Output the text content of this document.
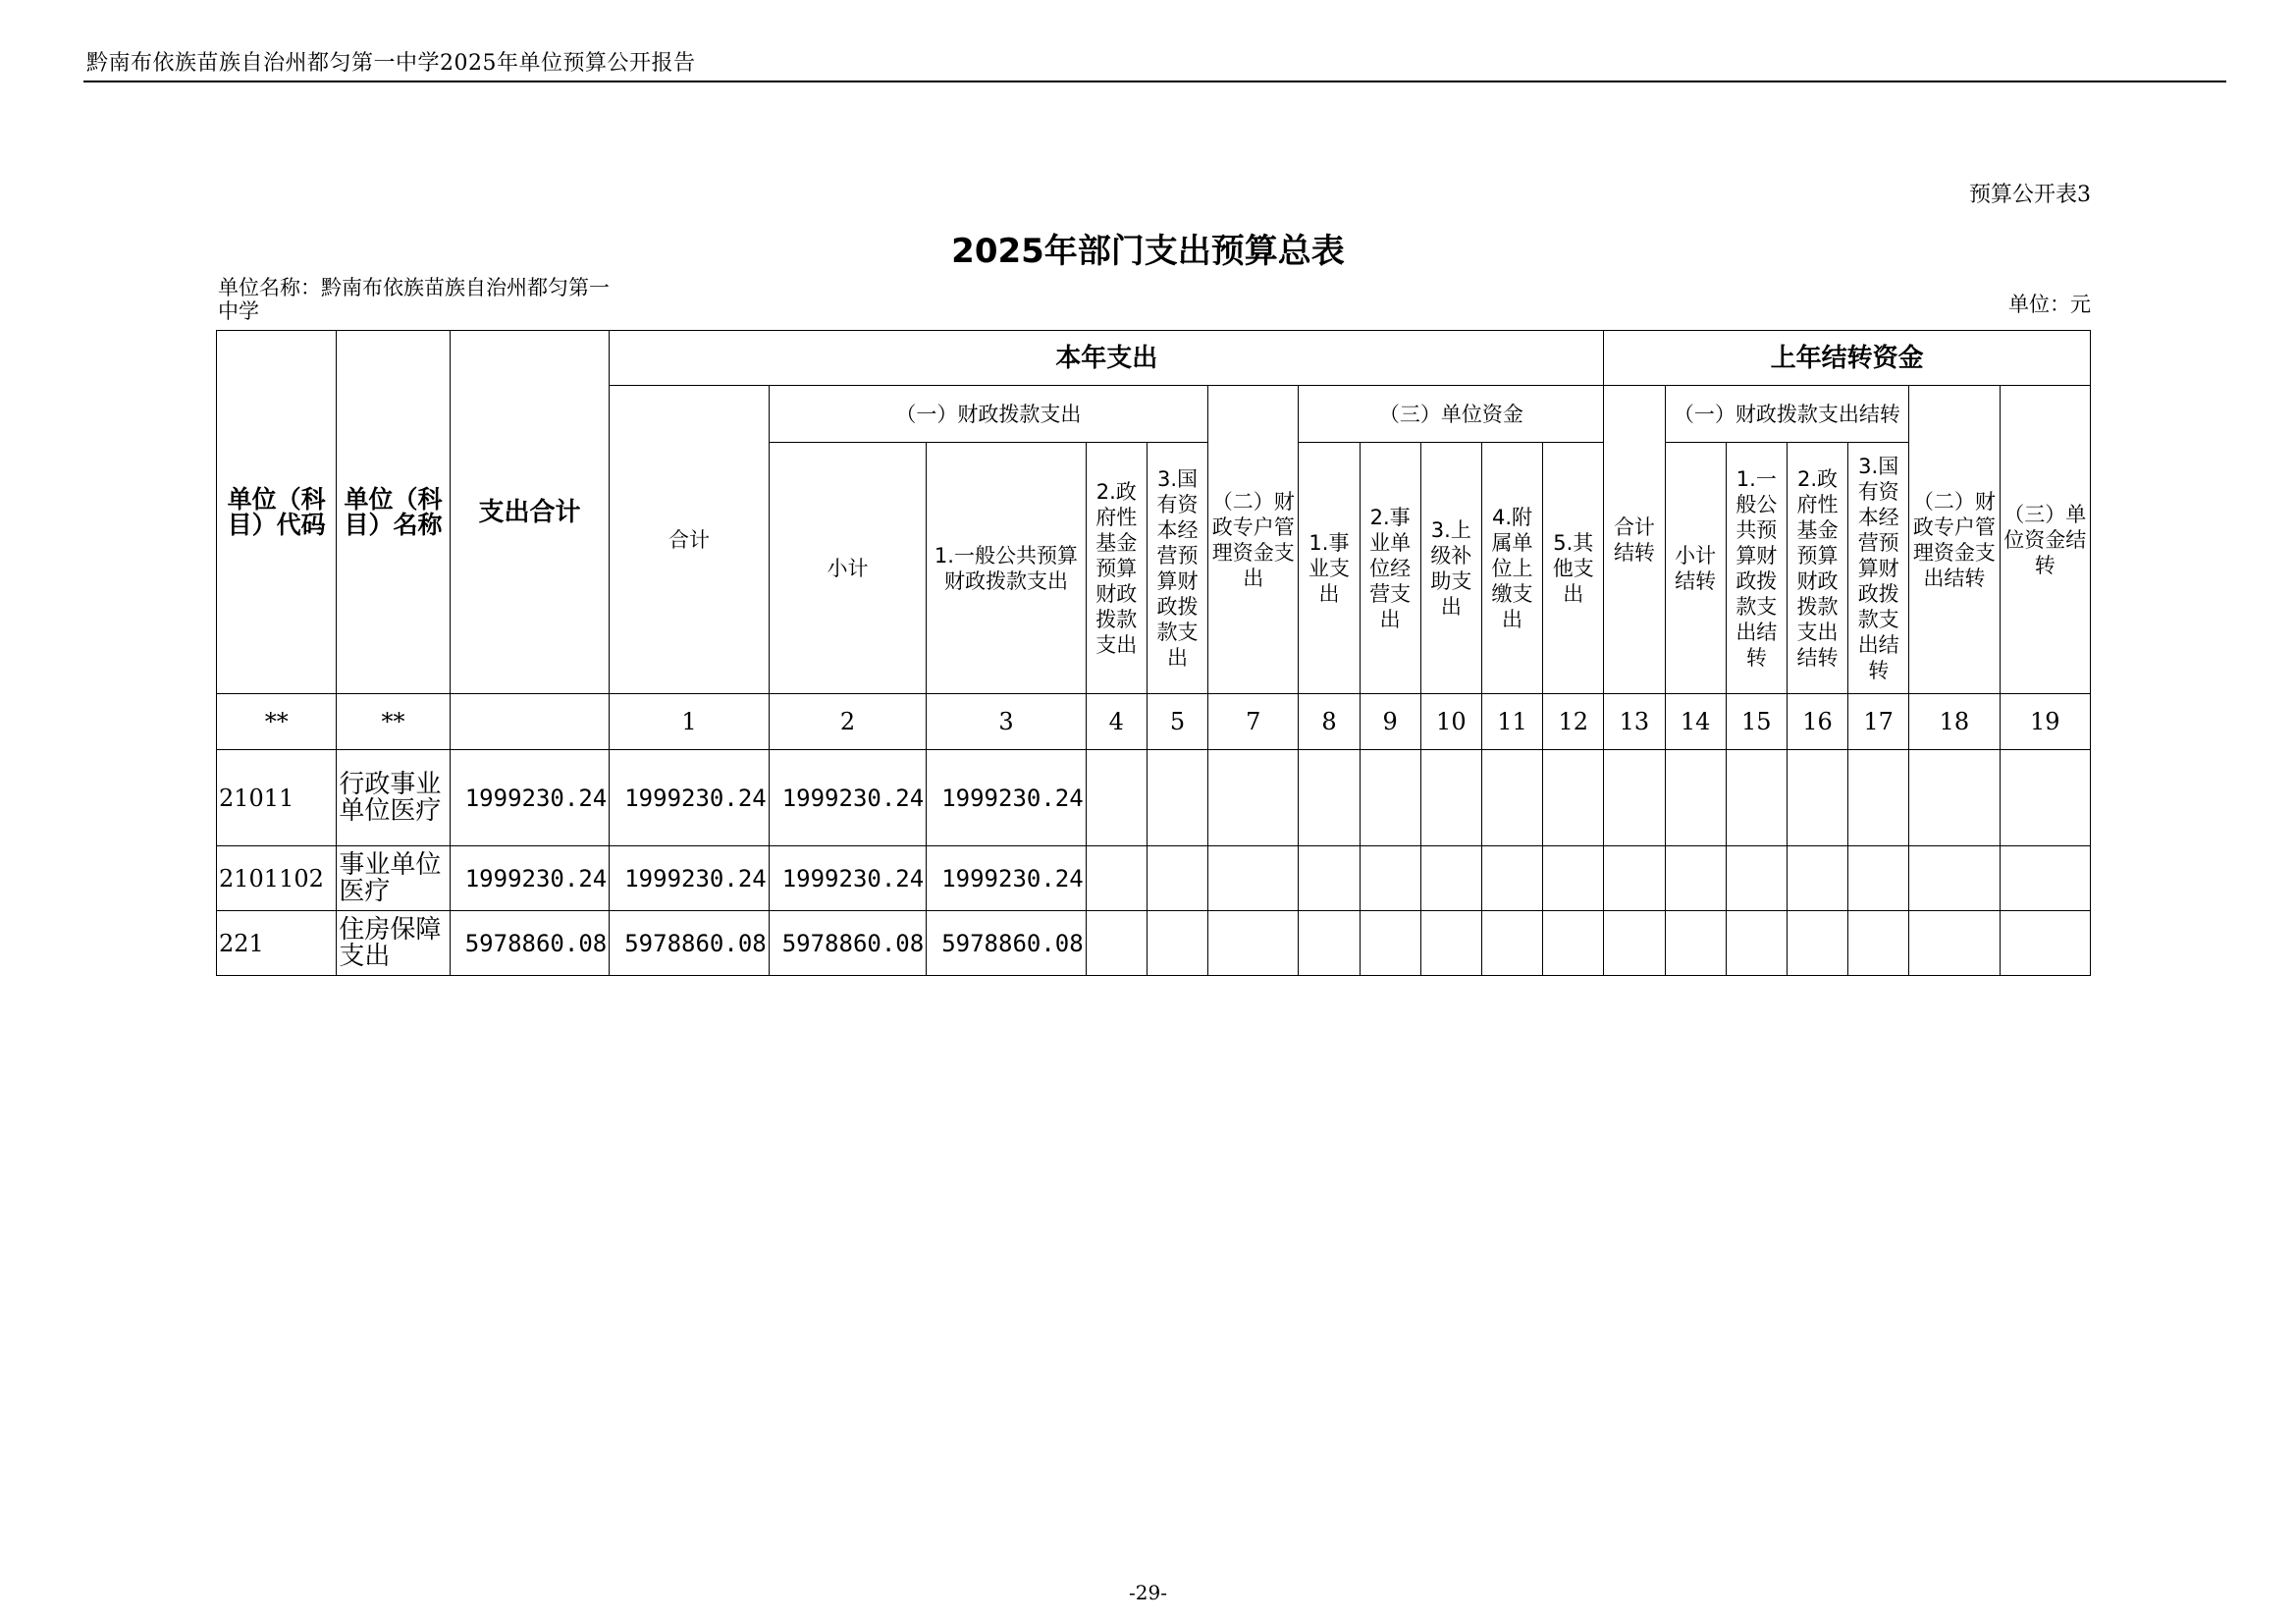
黔南布依族苗族自治州都匀第一中学2025年单位预算公开报告
预算公开表3
2025年部门支出预算总表
单位名称：黔南布依族苗族自治州都匀第一中学	单位：元
单位（科目）代码	单位（科目）名称	支出合计	本年支出											上年结转资金						
			合计	（一）财政拨款支出				（二）财政专户管理资金支出	（三）单位资金					合计结转	（一）财政拨款支出结转				（二）财政专户管理资金支出结转	（三）单位资金结转
				小计	1.一般公共预算财政拨款支出	2.政府性基金预算财政拨款支出	3.国有资本经营预算财政拨款支出		1.事业支出	2.事业单位经营支出	3.上级补助支出	4.附属单位上缴支出	5.其他支出		小计结转	1.一般公共预算财政拨款支出结转	2.政府性基金预算财政拨款支出结转	3.国有资本经营预算财政拨款支出结转		
**	**		1	2	3	4	5	7	8	9	10	11	12	13	14	15	16	17	18	19
21011	行政事业单位医疗	1999230.24	1999230.24	1999230.24	1999230.24															
2101102	事业单位医疗	1999230.24	1999230.24	1999230.24	1999230.24															
221	住房保障支出	5978860.08	5978860.08	5978860.08	5978860.08															
-29-
